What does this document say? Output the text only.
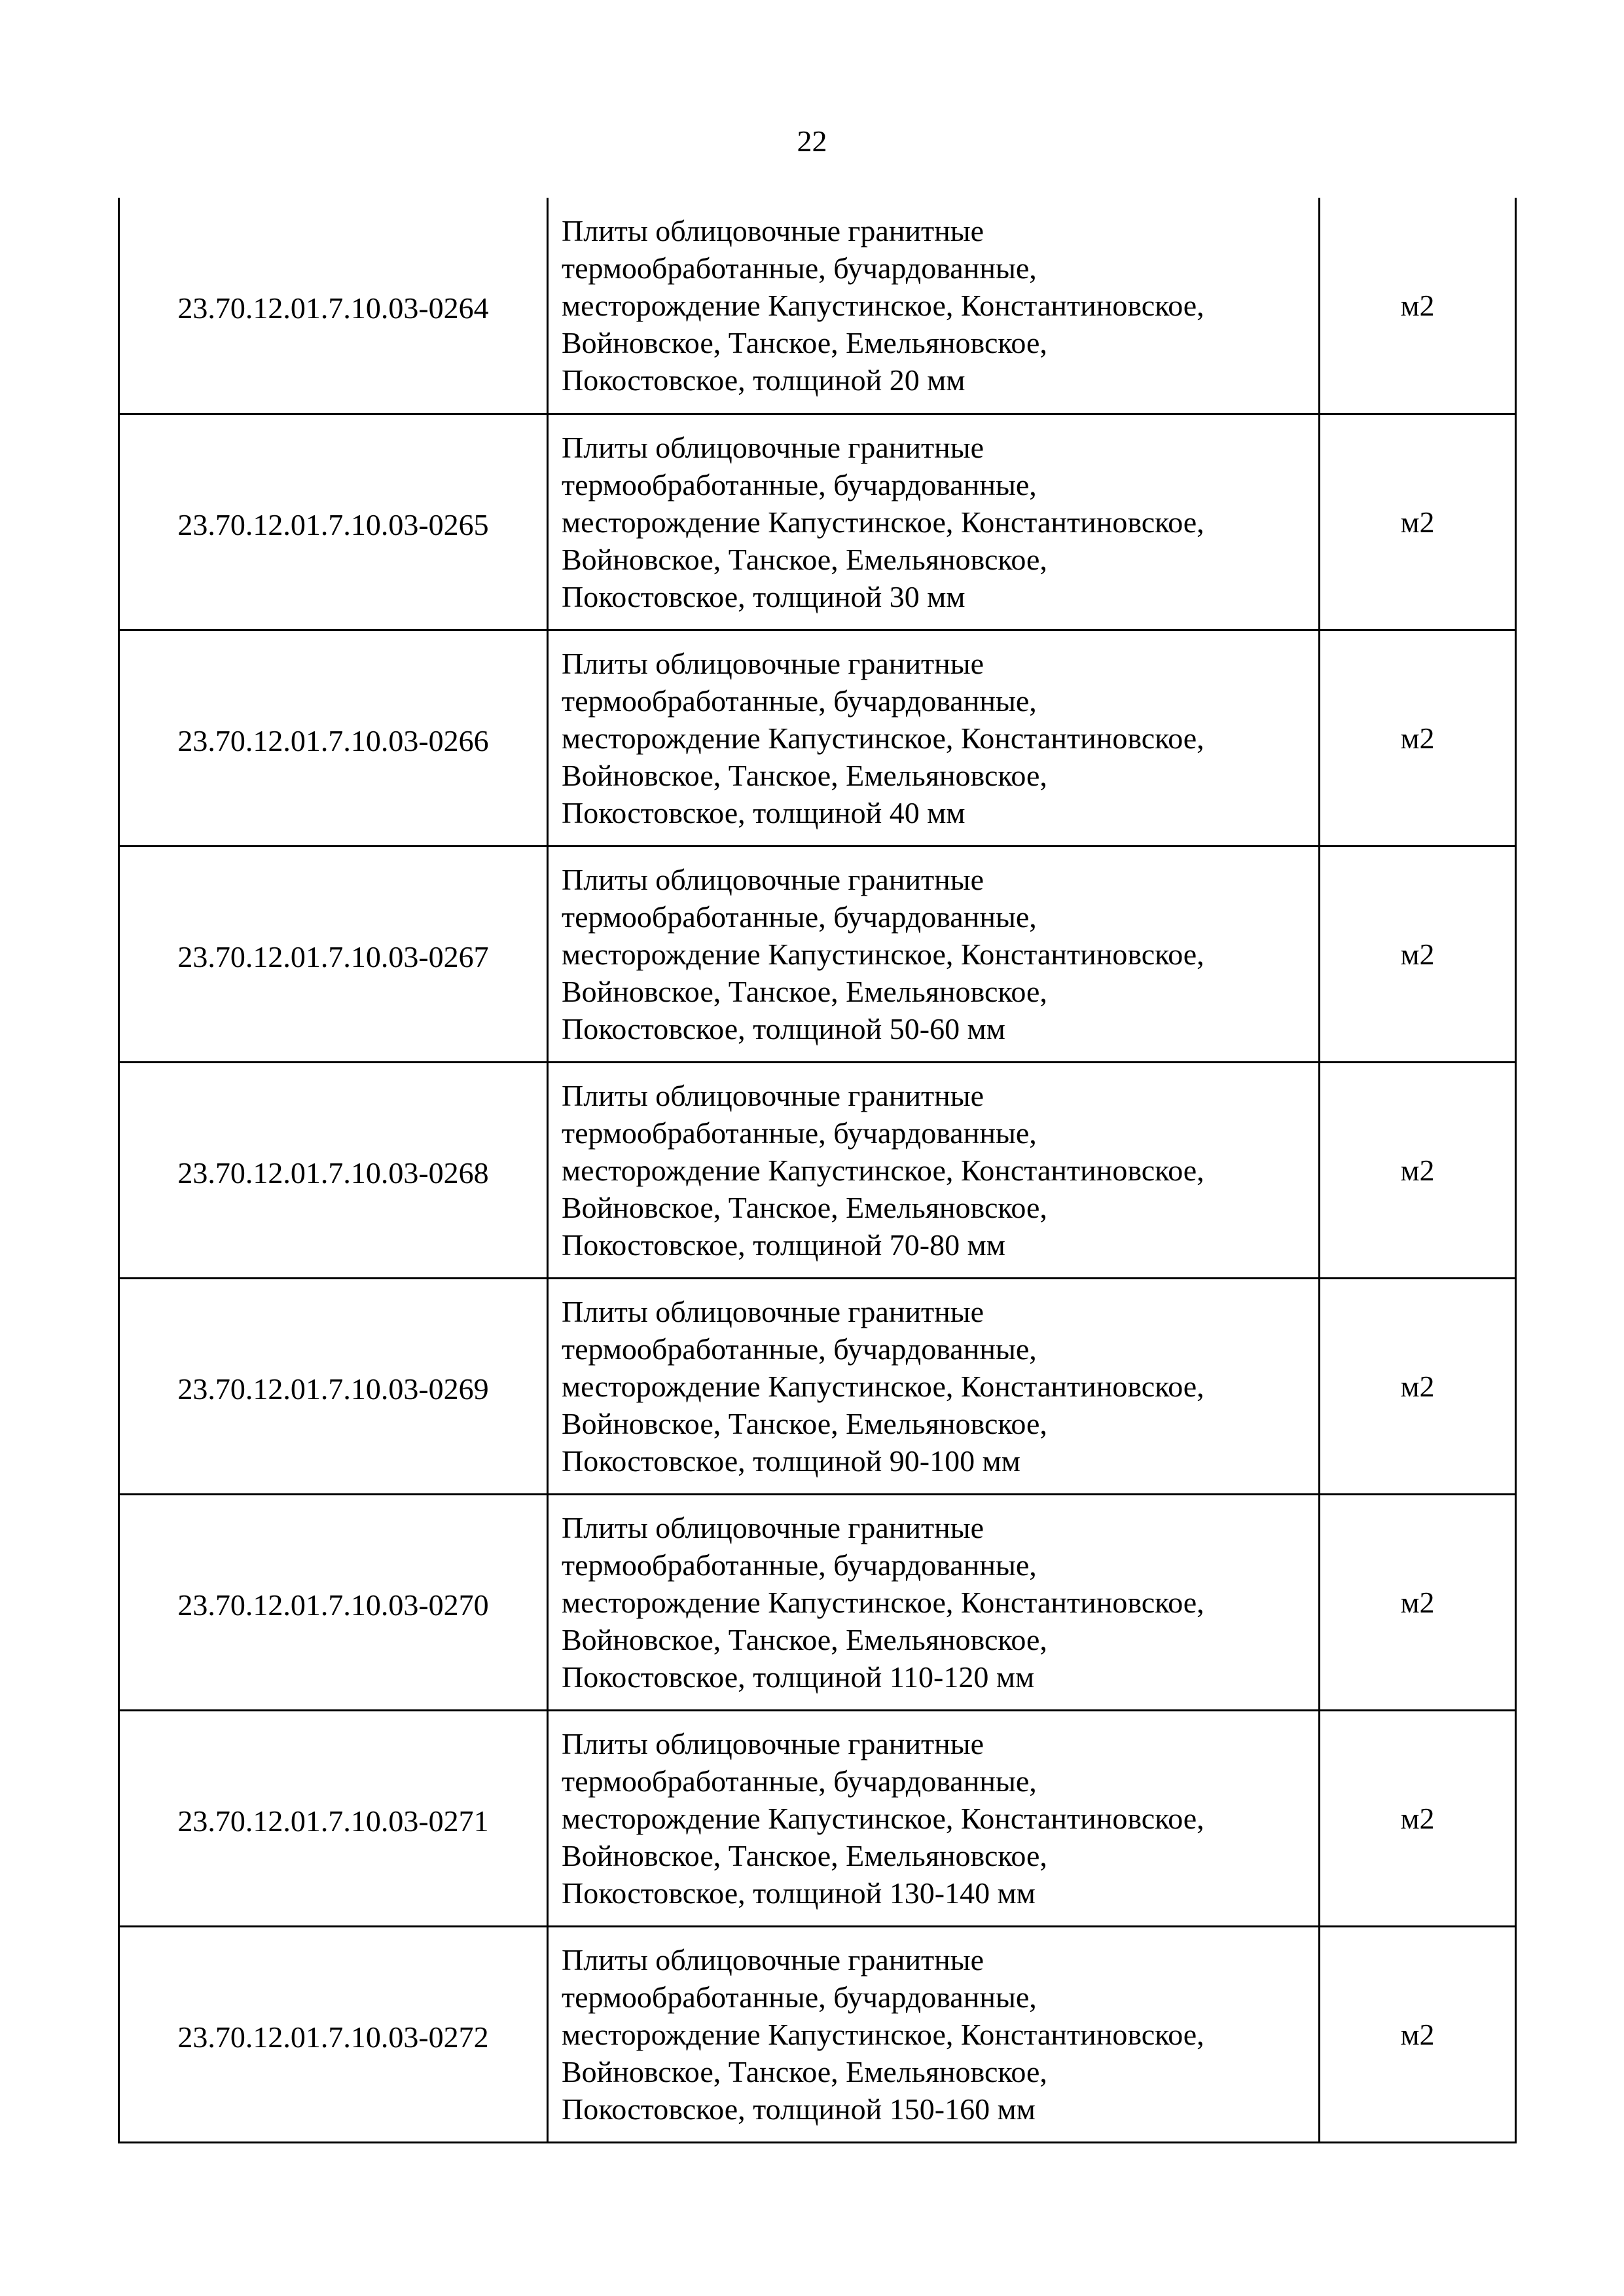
22
23.70.12.01.7.10.03-0264	Плиты облицовочные гранитные
термообработанные, бучардованные,
месторождение Капустинское, Константиновское,
Войновское, Танское, Емельяновское,
Покостовское, толщиной 20 мм	м2
23.70.12.01.7.10.03-0265	Плиты облицовочные гранитные
термообработанные, бучардованные,
месторождение Капустинское, Константиновское,
Войновское, Танское, Емельяновское,
Покостовское, толщиной 30 мм	м2
23.70.12.01.7.10.03-0266	Плиты облицовочные гранитные
термообработанные, бучардованные,
месторождение Капустинское, Константиновское,
Войновское, Танское, Емельяновское,
Покостовское, толщиной 40 мм	м2
23.70.12.01.7.10.03-0267	Плиты облицовочные гранитные
термообработанные, бучардованные,
месторождение Капустинское, Константиновское,
Войновское, Танское, Емельяновское,
Покостовское, толщиной 50-60 мм	м2
23.70.12.01.7.10.03-0268	Плиты облицовочные гранитные
термообработанные, бучардованные,
месторождение Капустинское, Константиновское,
Войновское, Танское, Емельяновское,
Покостовское, толщиной 70-80 мм	м2
23.70.12.01.7.10.03-0269	Плиты облицовочные гранитные
термообработанные, бучардованные,
месторождение Капустинское, Константиновское,
Войновское, Танское, Емельяновское,
Покостовское, толщиной 90-100 мм	м2
23.70.12.01.7.10.03-0270	Плиты облицовочные гранитные
термообработанные, бучардованные,
месторождение Капустинское, Константиновское,
Войновское, Танское, Емельяновское,
Покостовское, толщиной 110-120 мм	м2
23.70.12.01.7.10.03-0271	Плиты облицовочные гранитные
термообработанные, бучардованные,
месторождение Капустинское, Константиновское,
Войновское, Танское, Емельяновское,
Покостовское, толщиной 130-140 мм	м2
23.70.12.01.7.10.03-0272	Плиты облицовочные гранитные
термообработанные, бучардованные,
месторождение Капустинское, Константиновское,
Войновское, Танское, Емельяновское,
Покостовское, толщиной 150-160 мм	м2
